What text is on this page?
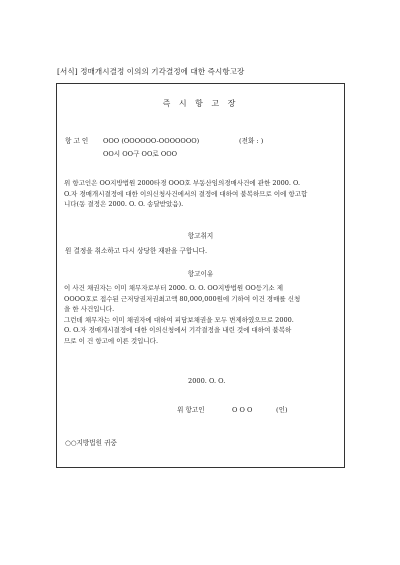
[서식] 정매개시결정 이의의 기각결정에 대한 즉시항고장
즉 시 항 고 장
항 고 인 OOO (OOOOOO-OOOOOOO)	(전화 : )
OO시 OO구 OO로 OOO
위 항고인은 OO지방법원 2000타경 OOO호 부동산임의경매사건에 관한 2000. O.
O.자 경매개시결정에 대한 이의신청사건에서의 결정에 대하여 불복하므로 이에 항고합
니다(동 결정은 2000. O. O. 송달받았음).
항고취지
원 결정을 취소하고 다시 상당한 재판을 구합니다.
항고이유
이 사건 채권자는 이미 채무자로부터 2000. O. O. OO지방법원 OO등기소 제
OOOO호로 접수된 근저당권저권최고액 80,000,000원에 기하여 이건 경매를 신청
을 한 사건입니다.
그런데 채무자는 이미 채권자에 대하여 피담보채권을 모두 변제하였으므로 2000.
O. O.자 경매개시결정에 대한 이의신청에서 기각결정을 내린 것에 대하여 불복하
므로 이 건 항고에 이른 것입니다.
2000. O. O.
위 항고인	O O O	(인)
○○지방법원 귀중
